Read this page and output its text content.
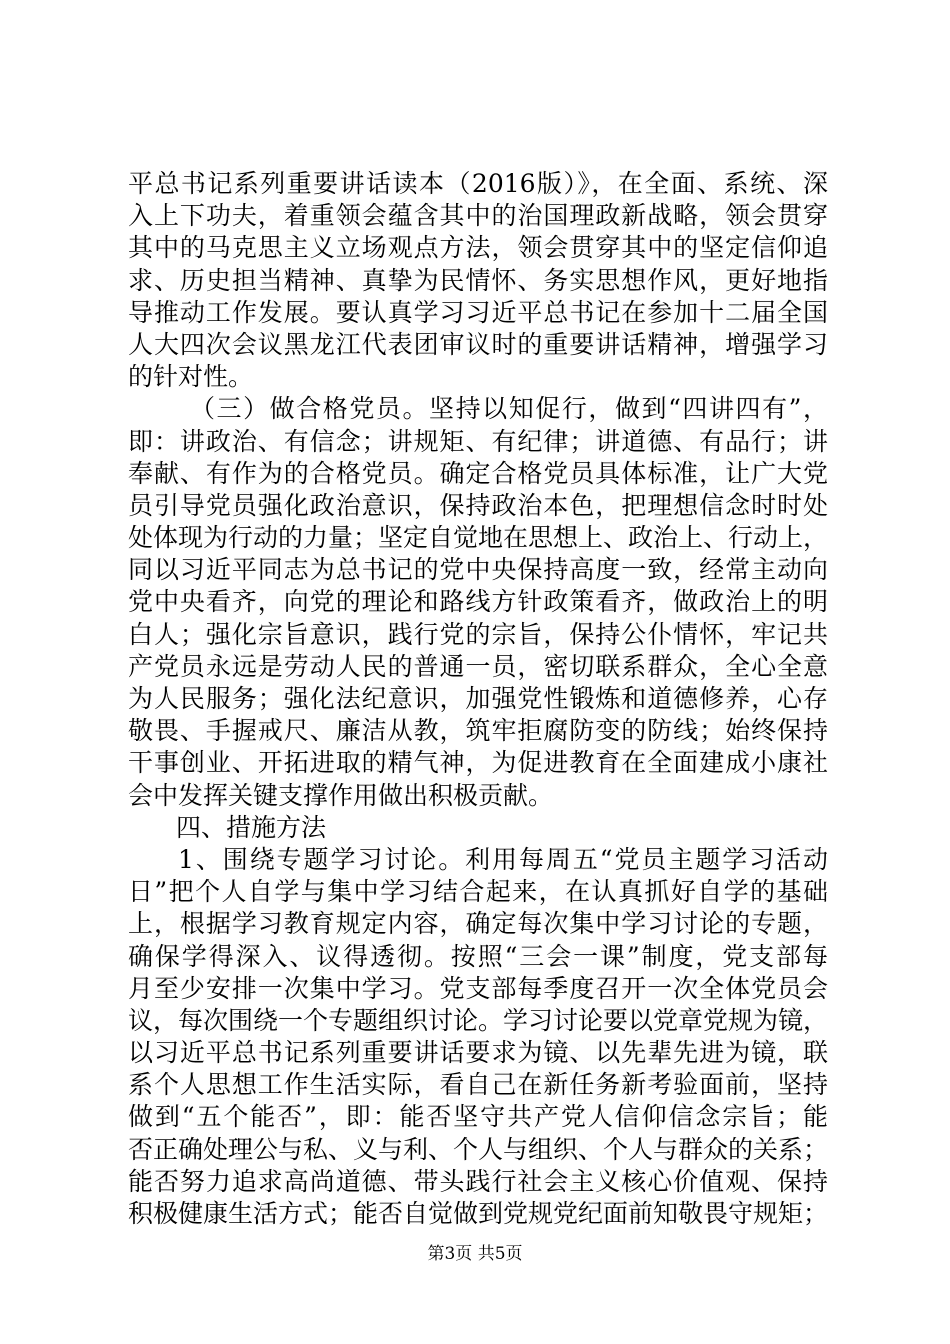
平总书记系列重要讲话读本（2016版）》，在全面、系统、深
入上下功夫，着重领会蕴含其中的治国理政新战略，领会贯穿
其中的马克思主义立场观点方法，领会贯穿其中的坚定信仰追
求、历史担当精神、真挚为民情怀、务实思想作风，更好地指
导推动工作发展。要认真学习习近平总书记在参加十二届全国
人大四次会议黑龙江代表团审议时的重要讲话精神，增强学习
的针对性。
（三）做合格党员。坚持以知促行，做到“四讲四有”，
即：讲政治、有信念；讲规矩、有纪律；讲道德、有品行；讲
奉献、有作为的合格党员。确定合格党员具体标准，让广大党
员引导党员强化政治意识，保持政治本色，把理想信念时时处
处体现为行动的力量；坚定自觉地在思想上、政治上、行动上，
同以习近平同志为总书记的党中央保持高度一致，经常主动向
党中央看齐，向党的理论和路线方针政策看齐，做政治上的明
白人；强化宗旨意识，践行党的宗旨，保持公仆情怀，牢记共
产党员永远是劳动人民的普通一员，密切联系群众，全心全意
为人民服务；强化法纪意识，加强党性锻炼和道德修养，心存
敬畏、手握戒尺、廉洁从教，筑牢拒腐防变的防线；始终保持
干事创业、开拓进取的精气神，为促进教育在全面建成小康社
会中发挥关键支撑作用做出积极贡献。
四、措施方法
1、围绕专题学习讨论。利用每周五“党员主题学习活动
日”把个人自学与集中学习结合起来，在认真抓好自学的基础
上，根据学习教育规定内容，确定每次集中学习讨论的专题，
确保学得深入、议得透彻。按照“三会一课”制度，党支部每
月至少安排一次集中学习。党支部每季度召开一次全体党员会
议，每次围绕一个专题组织讨论。学习讨论要以党章党规为镜，
以习近平总书记系列重要讲话要求为镜、以先辈先进为镜，联
系个人思想工作生活实际，看自己在新任务新考验面前，坚持
做到“五个能否”，即：能否坚守共产党人信仰信念宗旨；能
否正确处理公与私、义与利、个人与组织、个人与群众的关系；
能否努力追求高尚道德、带头践行社会主义核心价值观、保持
积极健康生活方式；能否自觉做到党规党纪面前知敬畏守规矩；
第3页 共5页
